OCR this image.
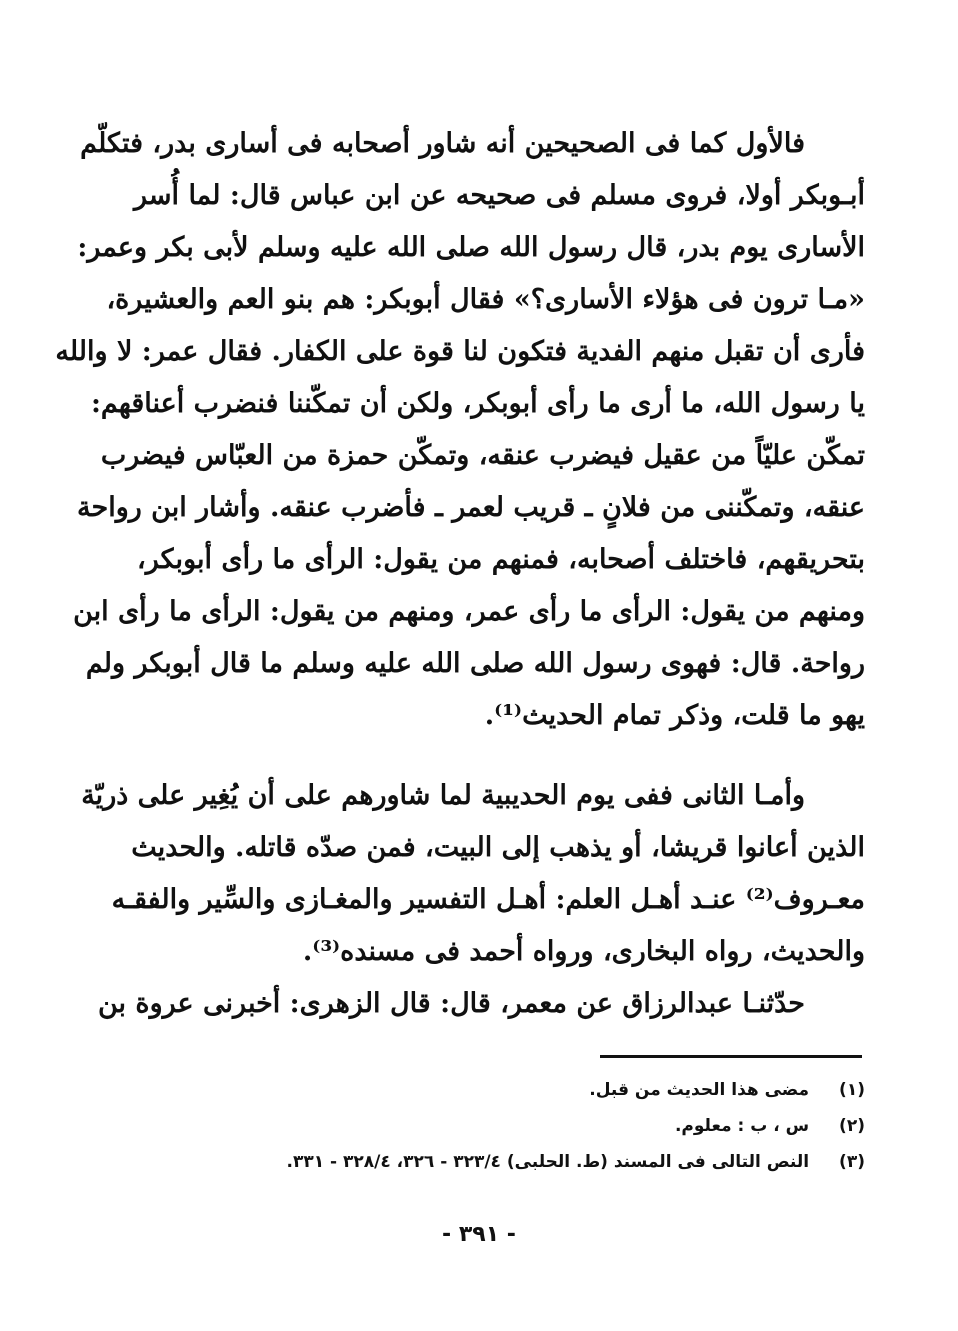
فالأول كما فى الصحيحين أنه شاور أصحابه فى أسارى بدر، فتكلّم
أبـوبكر أولا، فروى مسلم فى صحيحه عن ابن عباس قال: لما أُسر
الأسارى يوم بدر، قال رسول الله صلى الله عليه وسلم لأبى بكر وعمر:
«مـا ترون فى هؤلاء الأسارى؟» فقال أبوبكر: هم بنو العم والعشيرة،
فأرى أن تقبل منهم الفدية فتكون لنا قوة على الكفار. فقال عمر: لا والله
يا رسول الله، ما أرى ما رأى أبوبكر، ولكن أن تمكّننا فنضرب أعناقهم:
تمكّن عليّاً من عقيل فيضرب عنقه، وتمكّن حمزة من العبّاس فيضرب
عنقه، وتمكّننى من فلانٍ ـ قريب لعمر ـ فأضرب عنقه. وأشار ابن رواحة
بتحريقهم، فاختلف أصحابه، فمنهم من يقول: الرأى ما رأى أبوبكر،
ومنهم من يقول: الرأى ما رأى عمر، ومنهم من يقول: الرأى ما رأى ابن
رواحة. قال: فهوى رسول الله صلى الله عليه وسلم ما قال أبوبكر ولم
يهو ما قلت، وذكر تمام الحديث⁽¹⁾.
وأمـا الثانى ففى يوم الحديبية لما شاورهم على أن يُغِير على ذريّة
الذين أعانوا قريشا، أو يذهب إلى البيت، فمن صدّه قاتله. والحديث
معـروف⁽²⁾ عنـد أهـل العلم: أهـل التفسير والمغـازى والسِّير والفقـه
والحديث، رواه البخارى، ورواه أحمد فى مسنده⁽³⁾.
حدّثنـا عبدالرزاق عن معمر، قال: قال الزهرى: أخبرنى عروة بن
(١) مضى هذا الحديث من قبل.
(٢) س ، ب : معلوم.
(٣) النص التالى فى المسند (ط. الحلبى) ٣٢٣/٤ - ٣٢٦، ٣٢٨/٤ - ٣٣١.
- ٣٩١ -
